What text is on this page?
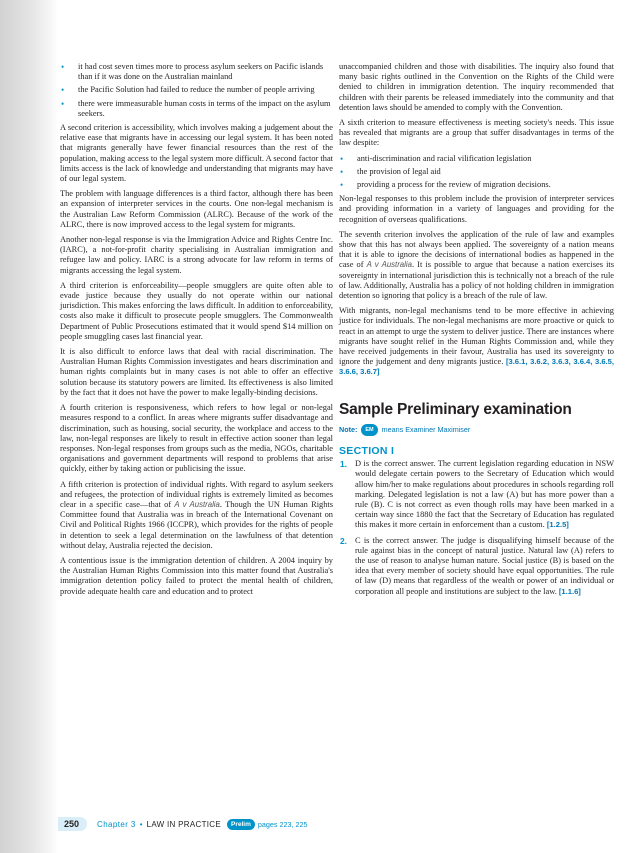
• it had cost seven times more to process asylum seekers on Pacific islands than if it was done on the Australian mainland
• the Pacific Solution had failed to reduce the number of people arriving
• there were immeasurable human costs in terms of the impact on the asylum seekers.

A second criterion is accessibility, which involves making a judgement about the relative ease that migrants have in accessing our legal system. It has been noted that migrants generally have fewer financial resources than the rest of the population, making access to the legal system more difficult. A second factor that limits access is the lack of knowledge and understanding that migrants may have of our legal system.

The problem with language differences is a third factor, although there has been an expansion of interpreter services in the courts. One non-legal mechanism is the Australian Law Reform Commission (ALRC). Because of the work of the ALRC, there is now improved access to the legal system for migrants.

Another non-legal response is via the Immigration Advice and Rights Centre Inc. (IARC), a not-for-profit charity specialising in Australian immigration and refugee law and policy. IARC is a strong advocate for law reform in terms of migrants accessing the legal system.

A third criterion is enforceability—people smugglers are quite often able to evade justice because they usually do not operate within our national jurisdiction. This makes enforcing the laws difficult. In addition to enforceability, costs also make it difficult to prosecute people smugglers. The Commonwealth Department of Public Prosecutions estimated that it would spend $14 million on people smuggling cases last financial year.

It is also difficult to enforce laws that deal with racial discrimination. The Australian Human Rights Commission investigates and hears discrimination and human rights complaints but in many cases is not able to offer an effective solution because its statutory powers are limited. Its effectiveness is also limited by the fact that it does not have the power to make legally-binding decisions.

A fourth criterion is responsiveness, which refers to how legal or non-legal measures respond to a conflict. In areas where migrants suffer disadvantage and discrimination, such as housing, social security, the workplace and access to the law, non-legal responses are likely to result in effective action sooner than legal responses. Non-legal responses from groups such as the media, NGOs, charitable organisations and government departments will respond to problems that arise quickly, either by taking action or publicising the issue.

A fifth criterion is protection of individual rights. With regard to asylum seekers and refugees, the protection of individual rights is extremely limited as becomes clear in a specific case—that of A v Australia. Though the UN Human Rights Committee found that Australia was in breach of the International Covenant on Civil and Political Rights 1966 (ICCPR), which provides for the rights of people in detention to seek a legal determination on the lawfulness of that detention without delay, Australia rejected the decision.

A contentious issue is the immigration detention of children. A 2004 inquiry by the Australian Human Rights Commission into this matter found that Australia's immigration detention policy failed to protect the mental health of children, provide adequate health care and education and to protect

unaccompanied children and those with disabilities. The inquiry also found that many basic rights outlined in the Convention on the Rights of the Child were denied to children in immigration detention. The inquiry recommended that children with their parents be released immediately into the community and that detention laws should be amended to comply with the Convention.

A sixth criterion to measure effectiveness is meeting society's needs. This issue has revealed that migrants are a group that suffer disadvantages in terms of the law despite:

• anti-discrimination and racial vilification legislation
• the provision of legal aid
• providing a process for the review of migration decisions.

Non-legal responses to this problem include the provision of interpreter services and providing information in a variety of languages and providing for the recognition of overseas qualifications.

The seventh criterion involves the application of the rule of law and examples show that this has not always been applied. The sovereignty of a nation means that it is able to ignore the decisions of international bodies as happened in the case of A v Australia. It is possible to argue that because a nation exercises its sovereignty in international jurisdiction this is technically not a breach of the rule of law. Additionally, Australia has a policy of not holding children in immigration detention so ignoring that policy is a breach of the rule of law.

With migrants, non-legal mechanisms tend to be more effective in achieving justice for individuals. The non-legal mechanisms are more proactive or quick to react in an attempt to urge the system to deliver justice. There are instances where migrants have sought relief in the Human Rights Commission and, while they have received judgements in their favour, Australia has used its sovereignty to ignore the judgement and deny migrants justice. [3.6.1, 3.6.2, 3.6.3, 3.6.4, 3.6.5, 3.6.6, 3.6.7]

Sample Preliminary examination
Note: EM means Examiner Maximiser
SECTION I
1. D is the correct answer. The current legislation regarding education in NSW would delegate certain powers to the Secretary of Education which would allow him/her to make regulations about procedures in schools regarding roll marking. Delegated legislation is not a law (A) but has more power than a rule (B). C is not correct as even though rolls may have been marked in a certain way since 1880 the fact that the Secretary of Education has regulated this makes it more certain in enforcement than a custom. [1.2.5]
2. C is the correct answer. The judge is disqualifying himself because of the rule against bias in the concept of natural justice. Natural law (A) refers to the use of reason to analyse human nature. Social justice (B) is based on the idea that every member of society should have equal opportunities. The rule of law (D) means that regardless of the wealth or power of an individual or corporation all people and institutions are subject to the law. [1.1.6]
250	Chapter 3 • LAW IN PRACTICE	Prelim pages 223, 225
